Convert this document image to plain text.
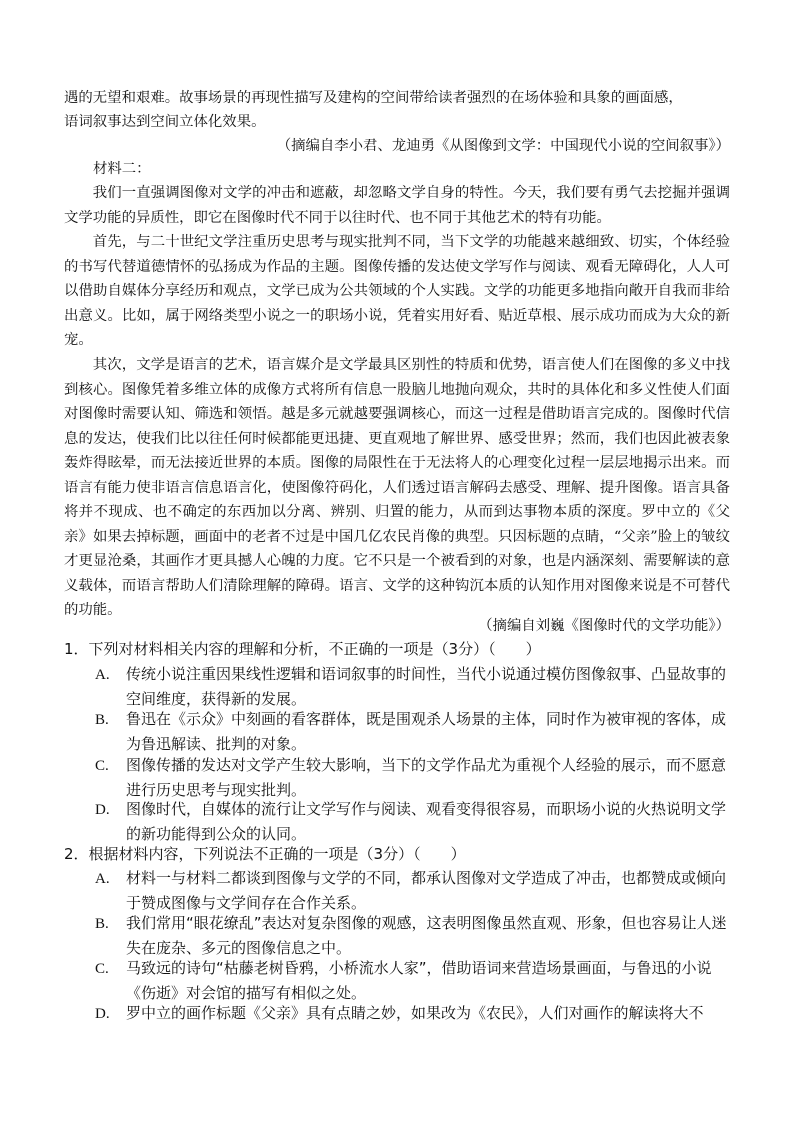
遇的无望和艰难。故事场景的再现性描写及建构的空间带给读者强烈的在场体验和具象的画面感，
语词叙事达到空间立体化效果。
（摘编自李小君、龙迪勇《从图像到文学：中国现代小说的空间叙事》）
材料二：
我们一直强调图像对文学的冲击和遮蔽，却忽略文学自身的特性。今天，我们要有勇气去挖掘并强调文学功能的异质性，即它在图像时代不同于以往时代、也不同于其他艺术的特有功能。
首先，与二十世纪文学注重历史思考与现实批判不同，当下文学的功能越来越细致、切实，个体经验的书写代替道德情怀的弘扬成为作品的主题。图像传播的发达使文学写作与阅读、观看无障碍化，人人可以借助自媒体分享经历和观点，文学已成为公共领域的个人实践。文学的功能更多地指向敞开自我而非给出意义。比如，属于网络类型小说之一的职场小说，凭着实用好看、贴近草根、展示成功而成为大众的新宠。
其次，文学是语言的艺术，语言媒介是文学最具区别性的特质和优势，语言使人们在图像的多义中找到核心。图像凭着多维立体的成像方式将所有信息一股脑儿地抛向观众，共时的具体化和多义性使人们面对图像时需要认知、筛选和领悟。越是多元就越要强调核心，而这一过程是借助语言完成的。图像时代信息的发达，使我们比以往任何时候都能更迅捷、更直观地了解世界、感受世界；然而，我们也因此被表象轰炸得眩晕，而无法接近世界的本质。图像的局限性在于无法将人的心理变化过程一层层地揭示出来。而语言有能力使非语言信息语言化，使图像符码化，人们透过语言解码去感受、理解、提升图像。语言具备将并不现成、也不确定的东西加以分离、辨别、归置的能力，从而到达事物本质的深度。罗中立的《父亲》如果去掉标题，画面中的老者不过是中国几亿农民肖像的典型。只因标题的点睛，“父亲”脸上的皱纹才更显沧桑，其画作才更具撼人心魄的力度。它不只是一个被看到的对象，也是内涵深刻、需要解读的意义载体，而语言帮助人们清除理解的障碍。语言、文学的这种钩沉本质的认知作用对图像来说是不可替代的功能。
（摘编自刘巍《图像时代的文学功能》）
1．下列对材料相关内容的理解和分析，不正确的一项是（3分）（　　）
A. 传统小说注重因果线性逻辑和语词叙事的时间性，当代小说通过模仿图像叙事、凸显故事的空间维度，获得新的发展。
B. 鲁迅在《示众》中刻画的看客群体，既是围观杀人场景的主体，同时作为被审视的客体，成为鲁迅解读、批判的对象。
C. 图像传播的发达对文学产生较大影响，当下的文学作品尤为重视个人经验的展示，而不愿意进行历史思考与现实批判。
D. 图像时代，自媒体的流行让文学写作与阅读、观看变得很容易，而职场小说的火热说明文学的新功能得到公众的认同。
2．根据材料内容，下列说法不正确的一项是（3分）（　　）
A. 材料一与材料二都谈到图像与文学的不同，都承认图像对文学造成了冲击，也都赞成或倾向于赞成图像与文学间存在合作关系。
B. 我们常用“眼花缭乱”表达对复杂图像的观感，这表明图像虽然直观、形象，但也容易让人迷失在庞杂、多元的图像信息之中。
C. 马致远的诗句“枯藤老树昏鸦，小桥流水人家”，借助语词来营造场景画面，与鲁迅的小说《伤逝》对会馆的描写有相似之处。
D. 罗中立的画作标题《父亲》具有点睛之妙，如果改为《农民》，人们对画作的解读将大不
